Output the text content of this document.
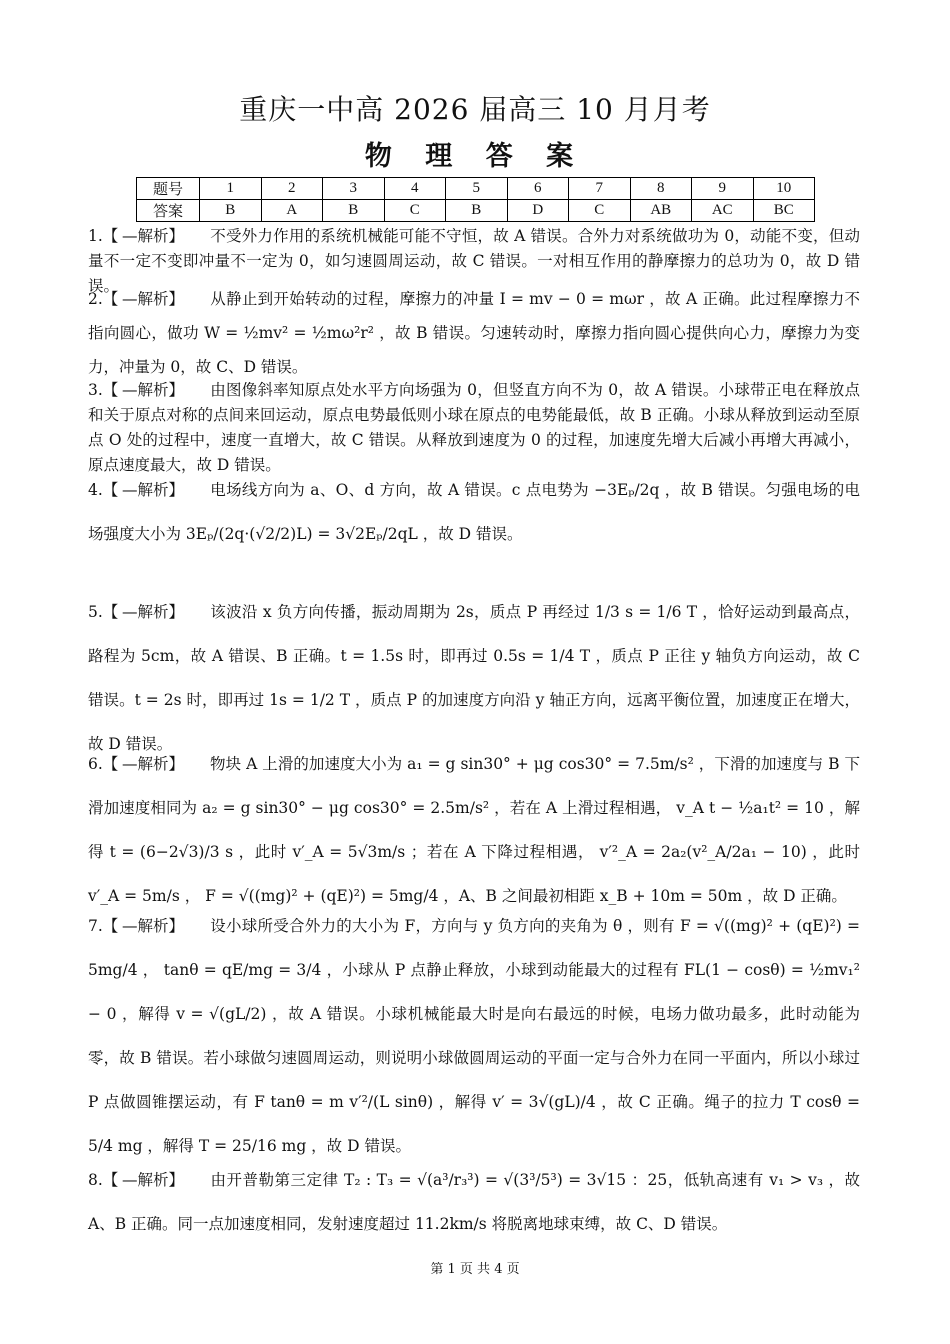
重庆一中高 2026 届高三 10 月月考
物 理 答 案
题号	1	2	3	4	5	6	7	8	9	10
答案	B	A	B	C	B	D	C	AB	AC	BC
1.【 —解析】 不受外力作用的系统机械能可能不守恒，故 A 错误。合外力对系统做功为 0，动能不变，但动量不一定不变即冲量不一定为 0，如匀速圆周运动，故 C 错误。一对相互作用的静摩擦力的总功为 0，故 D 错误。
2.【 —解析】 从静止到开始转动的过程，摩擦力的冲量 I = mv − 0 = mωr ，故 A 正确。此过程摩擦力不指向圆心，做功 W = ½mv² = ½mω²r² ，故 B 错误。匀速转动时，摩擦力指向圆心提供向心力，摩擦力为变力，冲量为 0，故 C、D 错误。
3.【 —解析】 由图像斜率知原点处水平方向场强为 0，但竖直方向不为 0，故 A 错误。小球带正电在释放点和关于原点对称的点间来回运动，原点电势最低则小球在原点的电势能最低，故 B 正确。小球从释放到运动至原点 O 处的过程中，速度一直增大，故 C 错误。从释放到速度为 0 的过程，加速度先增大后减小再增大再减小，原点速度最大，故 D 错误。
4.【 —解析】 电场线方向为 a、O、d 方向，故 A 错误。c 点电势为 −3Eₚ/2q ，故 B 错误。匀强电场的电场强度大小为 3Eₚ/(2q·(√2/2)L) = 3√2Eₚ/2qL ，故 D 错误。
5.【 —解析】 该波沿 x 负方向传播，振动周期为 2s，质点 P 再经过 1/3 s = 1/6 T ，恰好运动到最高点，路程为 5cm，故 A 错误、B 正确。t = 1.5s 时，即再过 0.5s = 1/4 T ，质点 P 正往 y 轴负方向运动，故 C 错误。t = 2s 时，即再过 1s = 1/2 T ，质点 P 的加速度方向沿 y 轴正方向，远离平衡位置，加速度正在增大，故 D 错误。
6.【 —解析】 物块 A 上滑的加速度大小为 a₁ = g sin30° + μg cos30° = 7.5m/s² ，下滑的加速度与 B 下滑加速度相同为 a₂ = g sin30° − μg cos30° = 2.5m/s² ，若在 A 上滑过程相遇， v_A t − ½a₁t² = 10 ，解得 t = (6−2√3)/3 s ，此时 v′_A = 5√3m/s ；若在 A 下降过程相遇， v′²_A = 2a₂(v²_A/2a₁ − 10) ，此时 v′_A = 5m/s ， F = √((mg)² + (qE)²) = 5mg/4 ，A、B 之间最初相距 x_B + 10m = 50m ，故 D 正确。
7.【 —解析】 设小球所受合外力的大小为 F，方向与 y 负方向的夹角为 θ ，则有 F = √((mg)² + (qE)²) = 5mg/4 ， tanθ = qE/mg = 3/4 ，小球从 P 点静止释放，小球到动能最大的过程有 FL(1 − cosθ) = ½mv₁² − 0 ，解得 v = √(gL/2) ，故 A 错误。小球机械能最大时是向右最远的时候，电场力做功最多，此时动能为零，故 B 错误。若小球做匀速圆周运动，则说明小球做圆周运动的平面一定与合外力在同一平面内，所以小球过 P 点做圆锥摆运动，有 F tanθ = m v′²/(L sinθ) ，解得 v′ = 3√(gL)/4 ，故 C 正确。绳子的拉力 T cosθ = 5/4 mg ，解得 T = 25/16 mg ，故 D 错误。
8.【 —解析】 由开普勒第三定律 T₂ : T₃ = √(a³/r₃³) = √(3³/5³) = 3√15 ：25，低轨高速有 v₁ > v₃ ，故 A、B 正确。同一点加速度相同，发射速度超过 11.2km/s 将脱离地球束缚，故 C、D 错误。
第 1 页 共 4 页
